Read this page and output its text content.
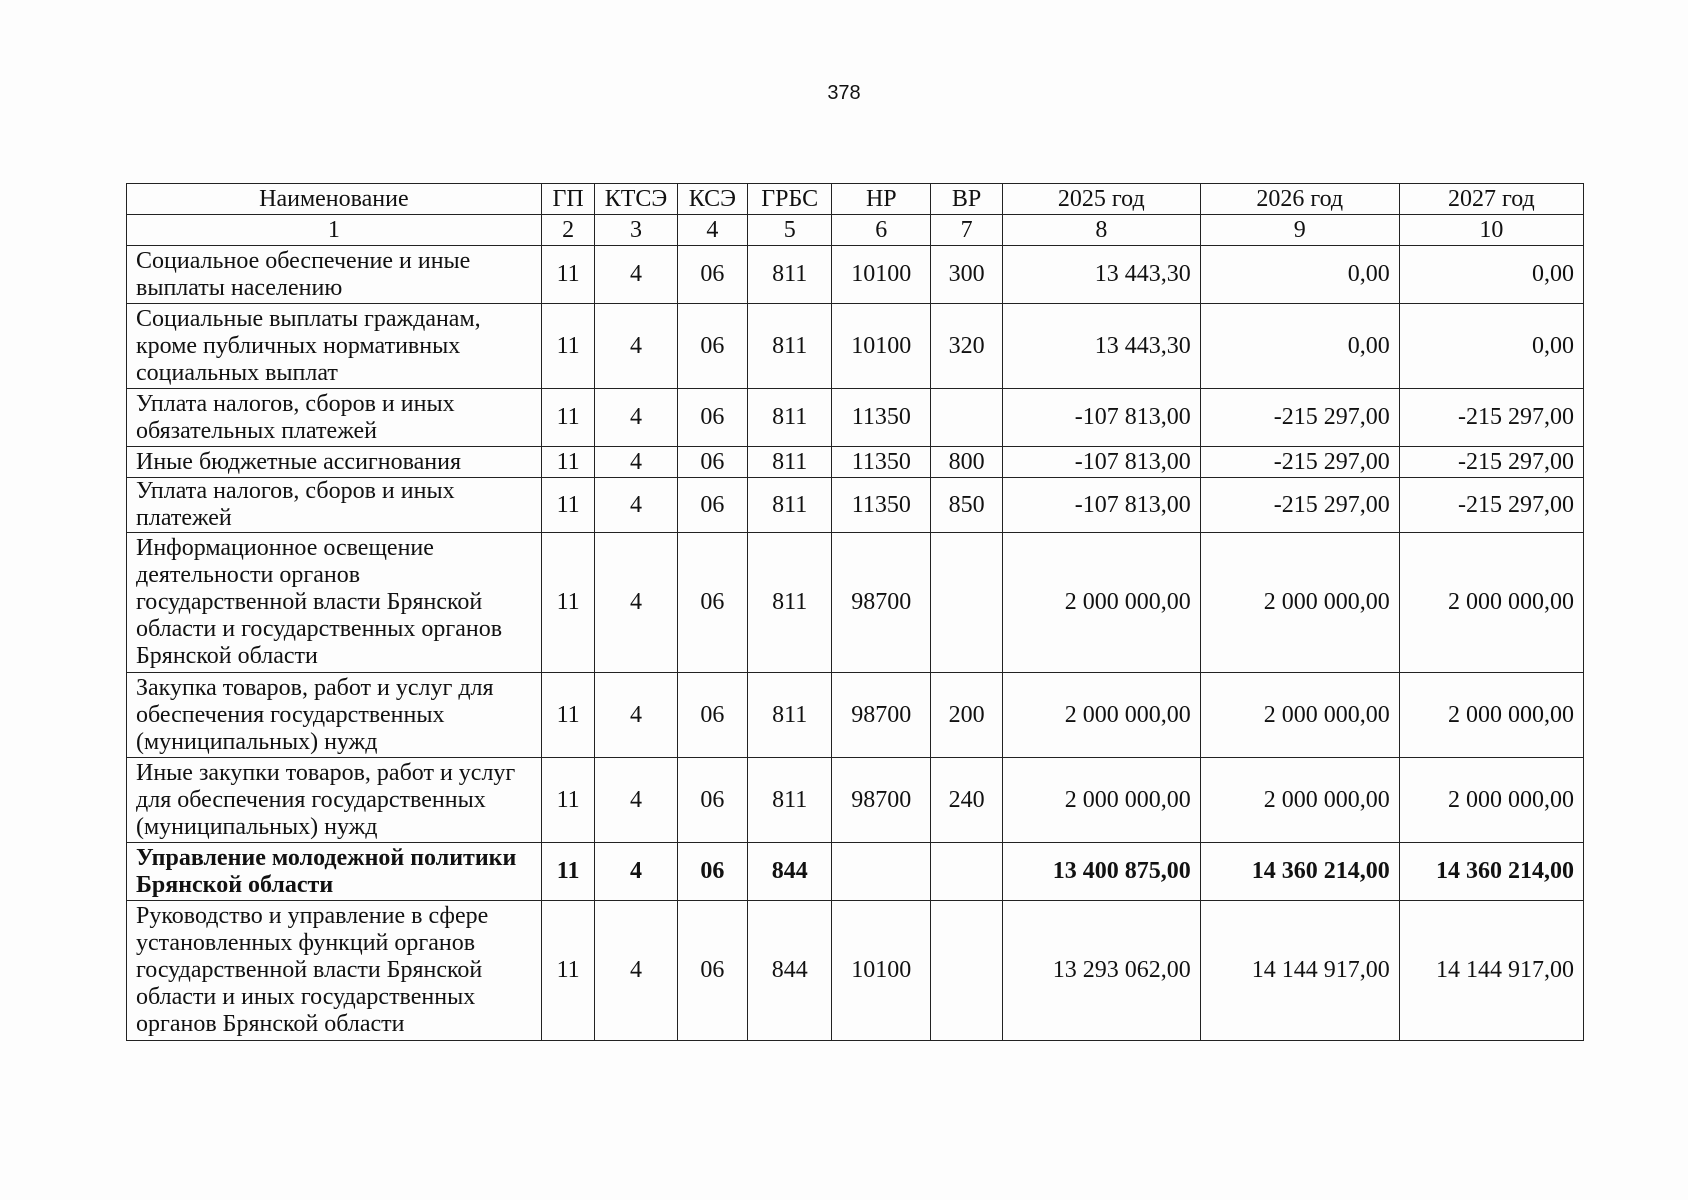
378
Наименование	ГП	КТСЭ	КСЭ	ГРБС	НР	ВР	2025 год	2026 год	2027 год
1	2	3	4	5	6	7	8	9	10
Социальное обеспечение и иные выплаты населению	11	4	06	811	10100	300	13 443,30	0,00	0,00
Социальные выплаты гражданам, кроме публичных нормативных социальных выплат	11	4	06	811	10100	320	13 443,30	0,00	0,00
Уплата налогов, сборов и иных обязательных платежей	11	4	06	811	11350		-107 813,00	-215 297,00	-215 297,00
Иные бюджетные ассигнования	11	4	06	811	11350	800	-107 813,00	-215 297,00	-215 297,00
Уплата налогов, сборов и иных платежей	11	4	06	811	11350	850	-107 813,00	-215 297,00	-215 297,00
Информационное освещение деятельности органов государственной власти Брянской области и государственных органов Брянской области	11	4	06	811	98700		2 000 000,00	2 000 000,00	2 000 000,00
Закупка товаров, работ и услуг для обеспечения государственных (муниципальных) нужд	11	4	06	811	98700	200	2 000 000,00	2 000 000,00	2 000 000,00
Иные закупки товаров, работ и услуг для обеспечения государственных (муниципальных) нужд	11	4	06	811	98700	240	2 000 000,00	2 000 000,00	2 000 000,00
Управление молодежной политики Брянской области	11	4	06	844			13 400 875,00	14 360 214,00	14 360 214,00
Руководство и управление в сфере установленных функций органов государственной власти Брянской области и иных государственных органов Брянской области	11	4	06	844	10100		13 293 062,00	14 144 917,00	14 144 917,00
